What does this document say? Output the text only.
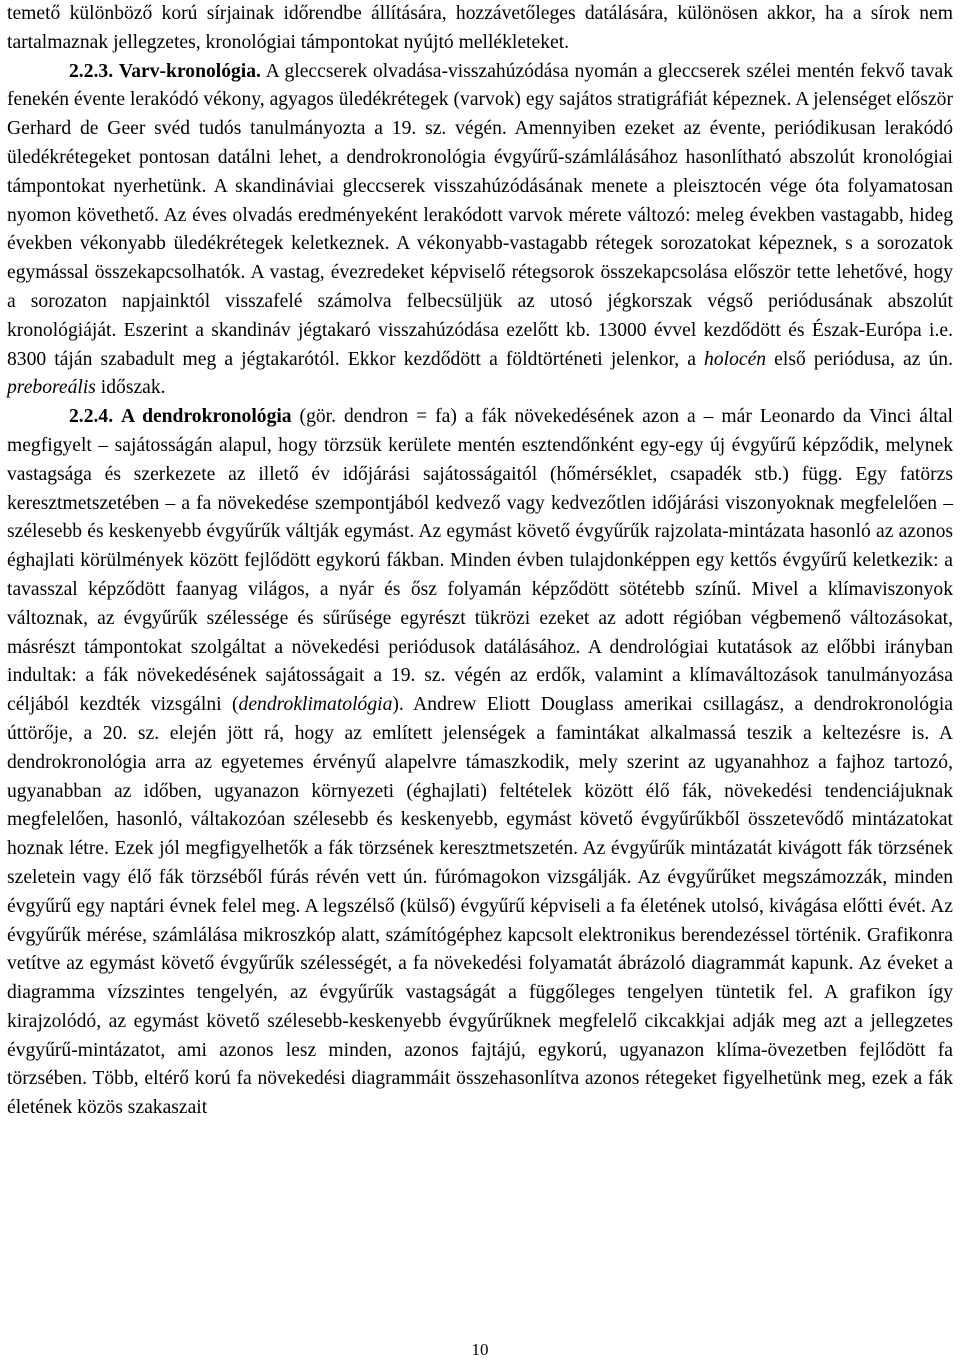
temető különböző korú sírjainak időrendbe állítására, hozzávetőleges datálására, különösen akkor, ha a sírok nem tartalmaznak jellegzetes, kronológiai támpontokat nyújtó mellékleteket.

2.2.3. Varv-kronológia. A gleccserek olvadása-visszahúzódása nyomán a gleccserek szélei mentén fekvő tavak fenekén évente lerakódó vékony, agyagos üledékrétegek (varvok) egy sajátos stratigráfiát képeznek. A jelenséget először Gerhard de Geer svéd tudós tanulmányozta a 19. sz. végén. Amennyiben ezeket az évente, periódikusan lerakódó üledékrétegeket pontosan datálni lehet, a dendrokronológia évgyűrű-számlálásához hasonlítható abszolút kronológiai támpontokat nyerhetünk. A skandináviai gleccserek visszahúzódásának menete a pleisztocén vége óta folyamatosan nyomon követhető. Az éves olvadás eredményeként lerakódott varvok mérete változó: meleg években vastagabb, hideg években vékonyabb üledékrétegek keletkeznek. A vékonyabb-vastagabb rétegek sorozatokat képeznek, s a sorozatok egymással összekapcsolhatók. A vastag, évezredeket képviselő rétegsorok összekapcsolása először tette lehetővé, hogy a sorozaton napjainktól visszafelé számolva felbecsüljük az utosó jégkorszak végső periódusának abszolút kronológiáját. Eszerint a skandináv jégtakaró visszahúzódása ezelőtt kb. 13000 évvel kezdődött és Észak-Európa i.e. 8300 táján szabadult meg a jégtakarótól. Ekkor kezdődött a földtörténeti jelenkor, a holocén első periódusa, az ún. preboreális időszak.

2.2.4. A dendrokronológia (gör. dendron = fa) a fák növekedésének azon a – már Leonardo da Vinci által megfigyelt – sajátosságán alapul, hogy törzsük kerülete mentén esztendőnként egy-egy új évgyűrű képződik, melynek vastagsága és szerkezete az illető év időjárási sajátosságaitól (hőmérséklet, csapadék stb.) függ. Egy fatörzs keresztmetszetében – a fa növekedése szempontjából kedvező vagy kedvezőtlen időjárási viszonyoknak megfelelően – szélesebb és keskenyebb évgyűrűk váltják egymást. Az egymást követő évgyűrűk rajzolata-mintázata hasonló az azonos éghajlati körülmények között fejlődött egykorú fákban. Minden évben tulajdonképpen egy kettős évgyűrű keletkezik: a tavasszal képződött faanyag világos, a nyár és ősz folyamán képződött sötétebb színű. Mivel a klímaviszonyok változnak, az évgyűrűk szélessége és sűrűsége egyrészt tükrözi ezeket az adott régióban végbemenő változásokat, másrészt támpontokat szolgáltat a növekedési periódusok datálásához. A dendrológiai kutatások az előbbi irányban indultak: a fák növekedésének sajátosságait a 19. sz. végén az erdők, valamint a klímaváltozások tanulmányozása céljából kezdték vizsgálni (dendroklimatológia). Andrew Eliott Douglass amerikai csillagász, a dendrokronológia úttörője, a 20. sz. elején jött rá, hogy az említett jelenségek a famintákat alkalmassá teszik a keltezésre is. A dendrokronológia arra az egyetemes érvényű alapelvre támaszkodik, mely szerint az ugyanahhoz a fajhoz tartozó, ugyanabban az időben, ugyanazon környezeti (éghajlati) feltételek között élő fák, növekedési tendenciájuknak megfelelően, hasonló, váltakozóan szélesebb és keskenyebb, egymást követő évgyűrűkből összetevődő mintázatokat hoznak létre. Ezek jól megfigyelhetők a fák törzsének keresztmetszetén. Az évgyűrűk mintázatát kivágott fák törzsének szeletein vagy élő fák törzséből fúrás révén vett ún. fúrómagokon vizsgálják. Az évgyűrűket megszámozzák, minden évgyűrű egy naptári évnek felel meg. A legszélső (külső) évgyűrű képviseli a fa életének utolsó, kivágása előtti évét. Az évgyűrűk mérése, számlálása mikroszkóp alatt, számítógéphez kapcsolt elektronikus berendezéssel történik. Grafikonra vetítve az egymást követő évgyűrűk szélességét, a fa növekedési folyamatát ábrázoló diagrammát kapunk. Az éveket a diagramma vízszintes tengelyén, az évgyűrűk vastagságát a függőleges tengelyen tüntetik fel. A grafikon így kirajzolódó, az egymást követő szélesebb-keskenyebb évgyűrűknek megfelelő cikcakkjai adják meg azt a jellegzetes évgyűrű-mintázatot, ami azonos lesz minden, azonos fajtájú, egykorú, ugyanazon klíma-övezetben fejlődött fa törzsében. Több, eltérő korú fa növekedési diagrammáit összehasonlítva azonos rétegeket figyelhetünk meg, ezek a fák életének közös szakaszait

10
